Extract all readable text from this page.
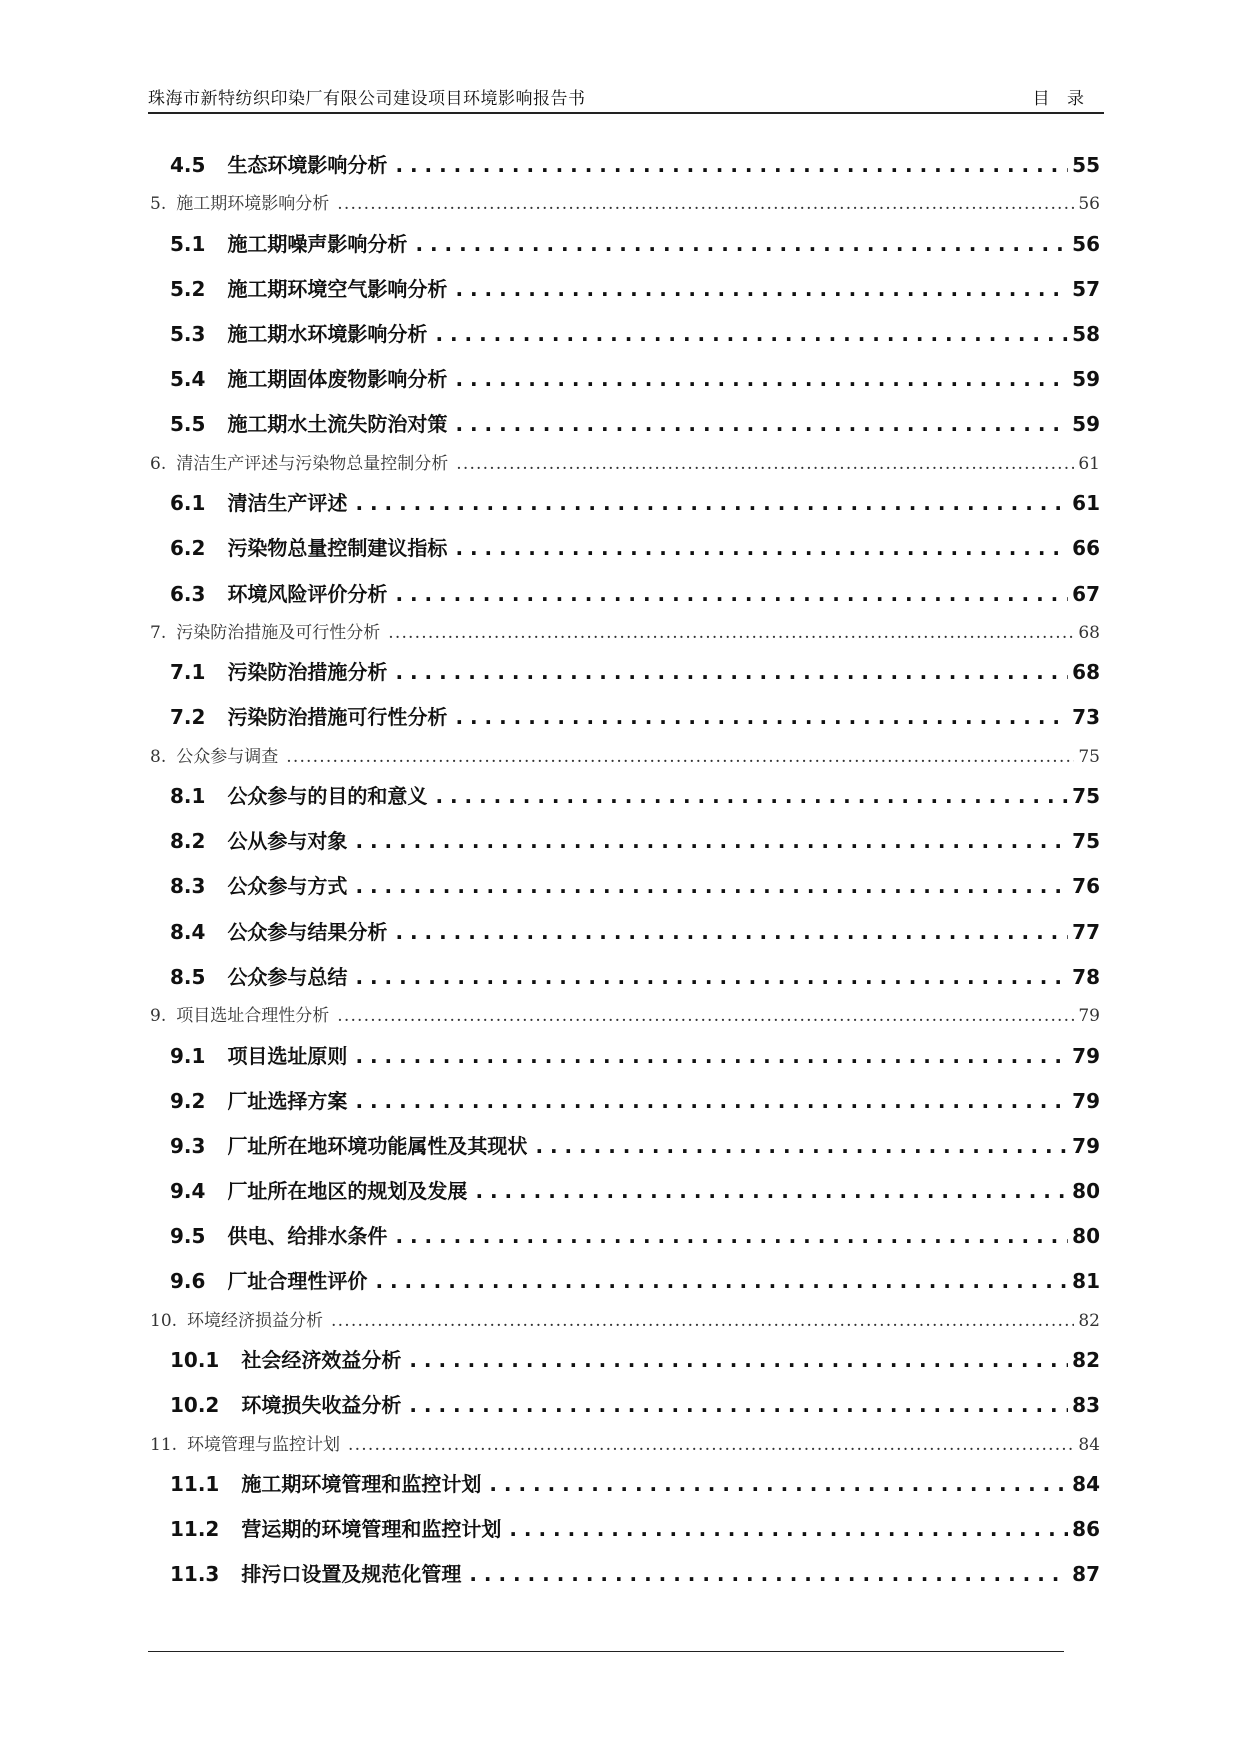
珠海市新特纺织印染厂有限公司建设项目环境影响报告书	目 录
4.5 生态环境影响分析 . . .	55
5. 施工期环境影响分析 .....	56
5.1 施工期噪声影响分析 . . .	56
5.2 施工期环境空气影响分析 . . .	57
5.3 施工期水环境影响分析 . . .	58
5.4 施工期固体废物影响分析 . . .	59
5.5 施工期水土流失防治对策 . . .	59
6. 清洁生产评述与污染物总量控制分析 .....	61
6.1 清洁生产评述 . . .	61
6.2 污染物总量控制建议指标 . . .	66
6.3 环境风险评价分析 . . .	67
7. 污染防治措施及可行性分析 .....	68
7.1 污染防治措施分析 . . .	68
7.2 污染防治措施可行性分析 . . .	73
8. 公众参与调查 .....	75
8.1 公众参与的目的和意义 . . .	75
8.2 公从参与对象 . . .	75
8.3 公众参与方式 . . .	76
8.4 公众参与结果分析 . . .	77
8.5 公众参与总结 . . .	78
9. 项目选址合理性分析 .....	79
9.1 项目选址原则 . . .	79
9.2 厂址选择方案 . . .	79
9.3 厂址所在地环境功能属性及其现状 . . .	79
9.4 厂址所在地区的规划及发展 . . .	80
9.5 供电、给排水条件 . . .	80
9.6 厂址合理性评价 . . .	81
10. 环境经济损益分析 .....	82
10.1 社会经济效益分析 . . .	82
10.2 环境损失收益分析 . . .	83
11. 环境管理与监控计划 .....	84
11.1 施工期环境管理和监控计划 . . .	84
11.2 营运期的环境管理和监控计划 . . .	86
11.3 排污口设置及规范化管理 . . .	87
